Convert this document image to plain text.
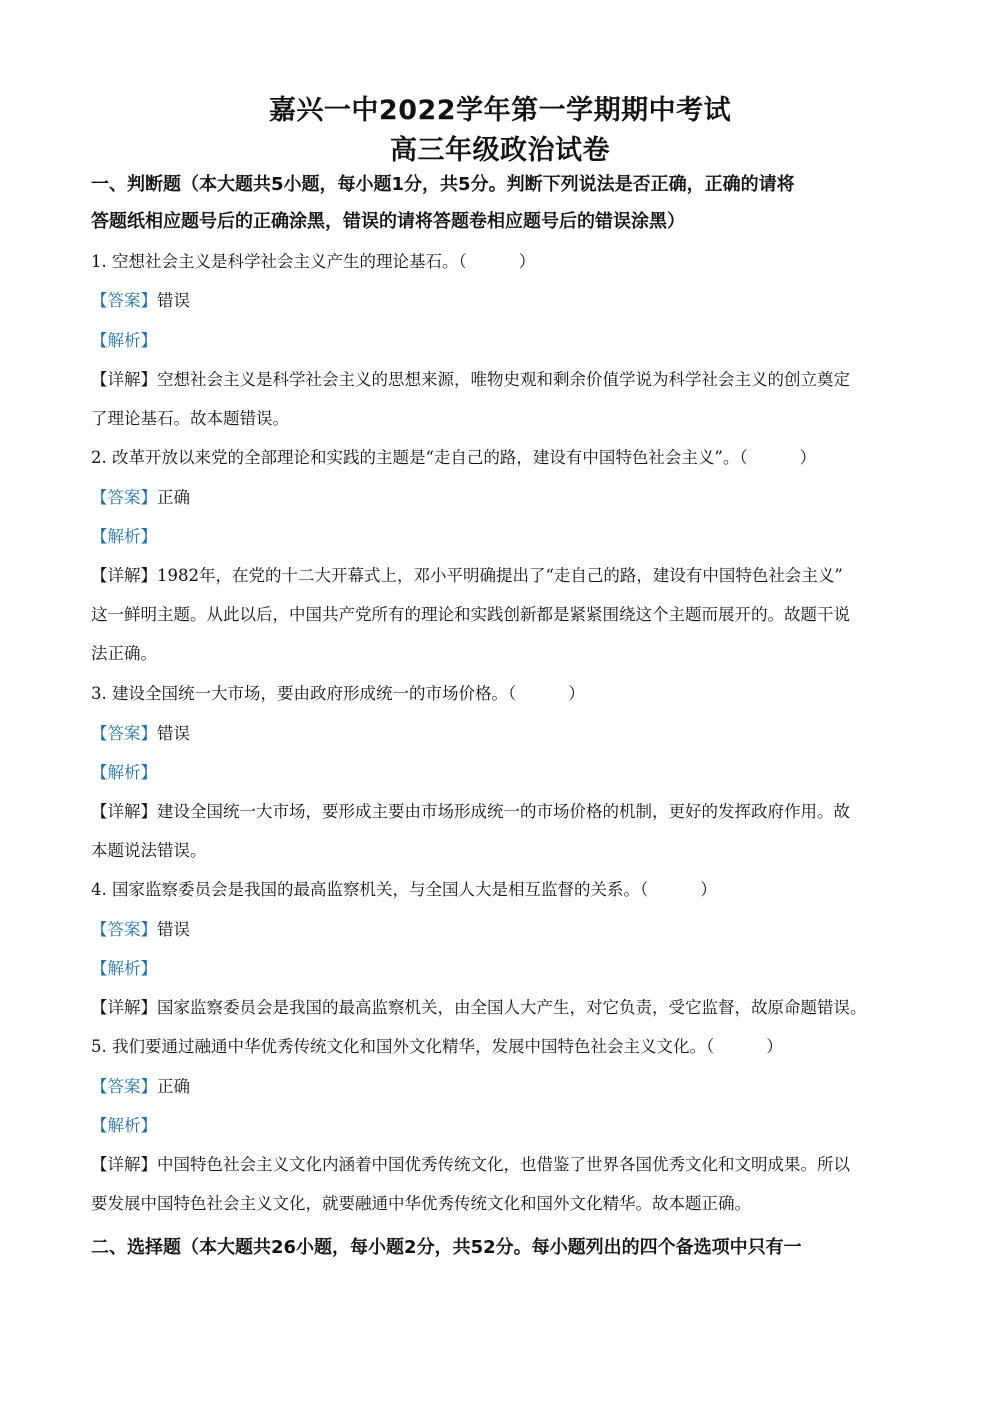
嘉兴一中2022学年第一学期期中考试
高三年级政治试卷
一、判断题（本大题共5小题，每小题1分，共5分。判断下列说法是否正确，正确的请将
答题纸相应题号后的正确涂黑，错误的请将答题卷相应题号后的错误涂黑）
1. 空想社会主义是科学社会主义产生的理论基石。（	）
【答案】错误
【解析】
【详解】空想社会主义是科学社会主义的思想来源，唯物史观和剩余价值学说为科学社会主义的创立奠定
了理论基石。故本题错误。
2. 改革开放以来党的全部理论和实践的主题是“走自己的路，建设有中国特色社会主义”。（	）
【答案】正确
【解析】
【详解】1982年，在党的十二大开幕式上，邓小平明确提出了“走自己的路，建设有中国特色社会主义”
这一鲜明主题。从此以后，中国共产党所有的理论和实践创新都是紧紧围绕这个主题而展开的。故题干说
法正确。
3. 建设全国统一大市场，要由政府形成统一的市场价格。（	）
【答案】错误
【解析】
【详解】建设全国统一大市场，要形成主要由市场形成统一的市场价格的机制，更好的发挥政府作用。故
本题说法错误。
4. 国家监察委员会是我国的最高监察机关，与全国人大是相互监督的关系。（	）
【答案】错误
【解析】
【详解】国家监察委员会是我国的最高监察机关，由全国人大产生，对它负责，受它监督，故原命题错误。
5. 我们要通过融通中华优秀传统文化和国外文化精华，发展中国特色社会主义文化。（	）
【答案】正确
【解析】
【详解】中国特色社会主义文化内涵着中国优秀传统文化，也借鉴了世界各国优秀文化和文明成果。所以
要发展中国特色社会主义文化，就要融通中华优秀传统文化和国外文化精华。故本题正确。
二、选择题（本大题共26小题，每小题2分，共52分。每小题列出的四个备选项中只有一
